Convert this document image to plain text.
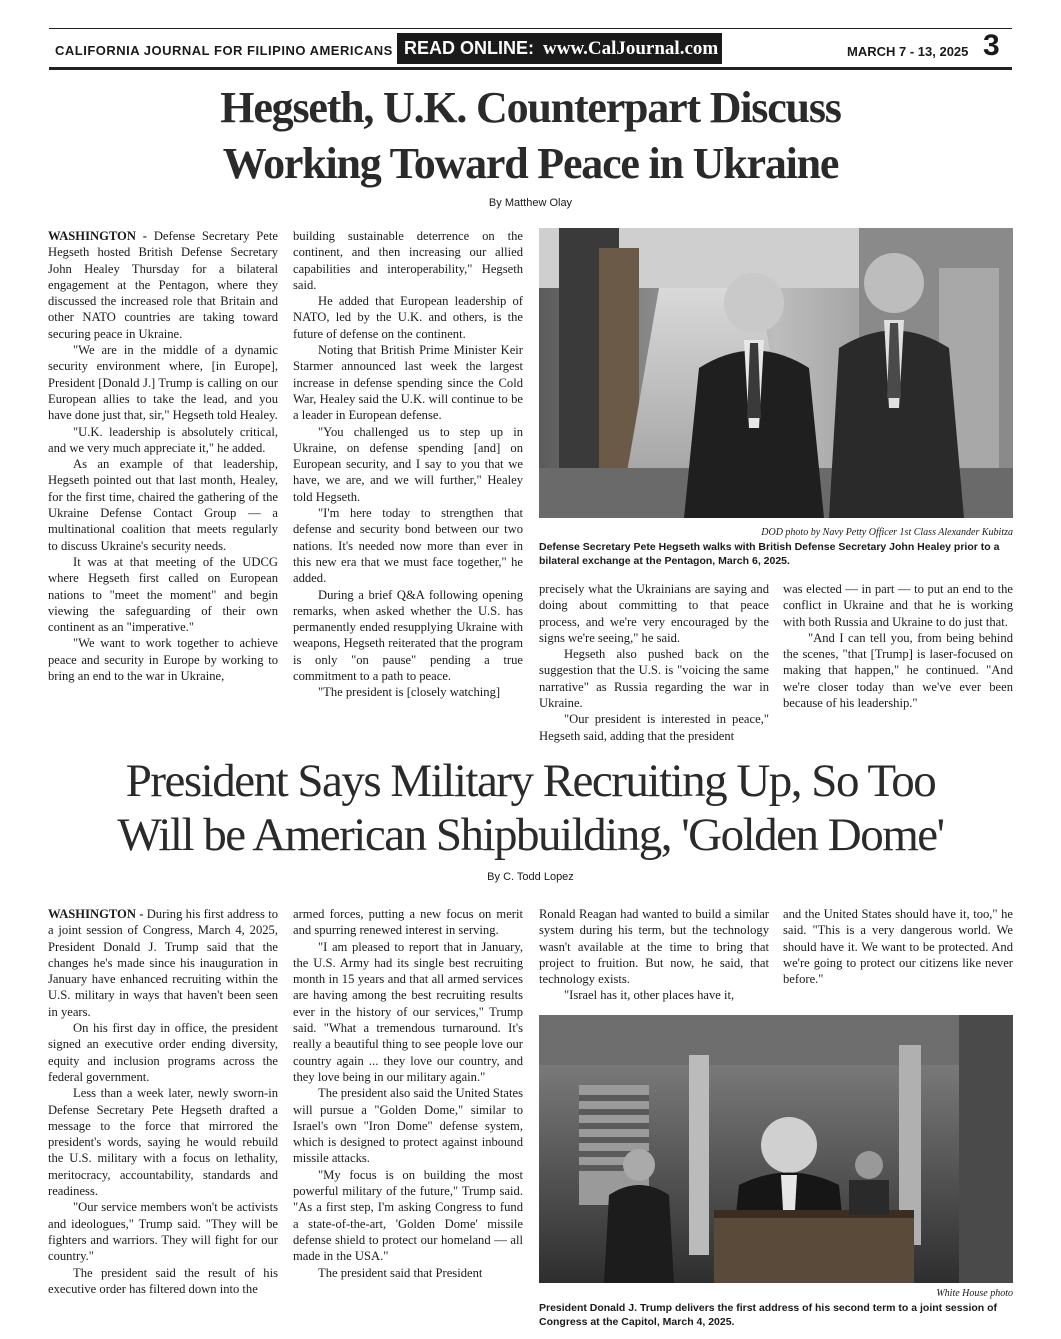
CALIFORNIA JOURNAL FOR FILIPINO AMERICANS READ ONLINE: www.CalJournal.com	MARCH 7 - 13, 2025 3
Hegseth, U.K. Counterpart Discuss
Working Toward Peace in Ukraine
By Matthew Olay

WASHINGTON - Defense Secretary Pete Hegseth hosted British Defense Secretary John Healey Thursday for a bilateral engagement at the Pentagon, where they discussed the increased role that Britain and other NATO countries are taking toward securing peace in Ukraine.

"We are in the middle of a dynamic security environment where, [in Europe], President [Donald J.] Trump is calling on our European allies to take the lead, and you have done just that, sir," Hegseth told Healey.

"U.K. leadership is absolutely critical, and we very much appreciate it," he added.

As an example of that leadership, Hegseth pointed out that last month, Healey, for the first time, chaired the gathering of the Ukraine Defense Contact Group — a multinational coalition that meets regularly to discuss Ukraine's security needs.

It was at that meeting of the UDCG where Hegseth first called on European nations to "meet the moment" and begin viewing the safeguarding of their own continent as an "imperative."

"We want to work together to achieve peace and security in Europe by working to bring an end to the war in Ukraine,

building sustainable deterrence on the continent, and then increasing our allied capabilities and interoperability," Hegseth said.

He added that European leadership of NATO, led by the U.K. and others, is the future of defense on the continent.

Noting that British Prime Minister Keir Starmer announced last week the largest increase in defense spending since the Cold War, Healey said the U.K. will continue to be a leader in European defense.

"You challenged us to step up in Ukraine, on defense spending [and] on European security, and I say to you that we have, we are, and we will further," Healey told Hegseth.

"I'm here today to strengthen that defense and security bond between our two nations. It's needed now more than ever in this new era that we must face together," he added.

During a brief Q&A following opening remarks, when asked whether the U.S. has permanently ended resupplying Ukraine with weapons, Hegseth reiterated that the program is only "on pause" pending a true commitment to a path to peace.

"The president is [closely watching]

DOD photo by Navy Petty Officer 1st Class Alexander Kubitza
Defense Secretary Pete Hegseth walks with British Defense Secretary John Healey prior to a bilateral exchange at the Pentagon, March 6, 2025.

precisely what the Ukrainians are saying and doing about committing to that peace process, and we're very encouraged by the signs we're seeing," he said.

Hegseth also pushed back on the suggestion that the U.S. is "voicing the same narrative" as Russia regarding the war in Ukraine.

"Our president is interested in peace," Hegseth said, adding that the president

was elected — in part — to put an end to the conflict in Ukraine and that he is working with both Russia and Ukraine to do just that.

"And I can tell you, from being behind the scenes, "that [Trump] is laser-focused on making that happen," he continued. "And we're closer today than we've ever been because of his leadership."

President Says Military Recruiting Up, So Too
Will be American Shipbuilding, 'Golden Dome'
By C. Todd Lopez

WASHINGTON - During his first address to a joint session of Congress, March 4, 2025, President Donald J. Trump said that the changes he's made since his inauguration in January have enhanced recruiting within the U.S. military in ways that haven't been seen in years.

On his first day in office, the president signed an executive order ending diversity, equity and inclusion programs across the federal government.

Less than a week later, newly sworn-in Defense Secretary Pete Hegseth drafted a message to the force that mirrored the president's words, saying he would rebuild the U.S. military with a focus on lethality, meritocracy, accountability, standards and readiness.

"Our service members won't be activists and ideologues," Trump said. "They will be fighters and warriors. They will fight for our country."

The president said the result of his executive order has filtered down into the

armed forces, putting a new focus on merit and spurring renewed interest in serving.

"I am pleased to report that in January, the U.S. Army had its single best recruiting month in 15 years and that all armed services are having among the best recruiting results ever in the history of our services," Trump said. "What a tremendous turnaround. It's really a beautiful thing to see people love our country again ... they love our country, and they love being in our military again."

The president also said the United States will pursue a "Golden Dome," similar to Israel's own "Iron Dome" defense system, which is designed to protect against inbound missile attacks.

"My focus is on building the most powerful military of the future," Trump said. "As a first step, I'm asking Congress to fund a state-of-the-art, 'Golden Dome' missile defense shield to protect our homeland — all made in the USA."

The president said that President

Ronald Reagan had wanted to build a similar system during his term, but the technology wasn't available at the time to bring that project to fruition. But now, he said, that technology exists.

"Israel has it, other places have it,

and the United States should have it, too," he said. "This is a very dangerous world. We should have it. We want to be protected. And we're going to protect our citizens like never before."

White House photo
President Donald J. Trump delivers the first address of his second term to a joint session of Congress at the Capitol, March 4, 2025.
